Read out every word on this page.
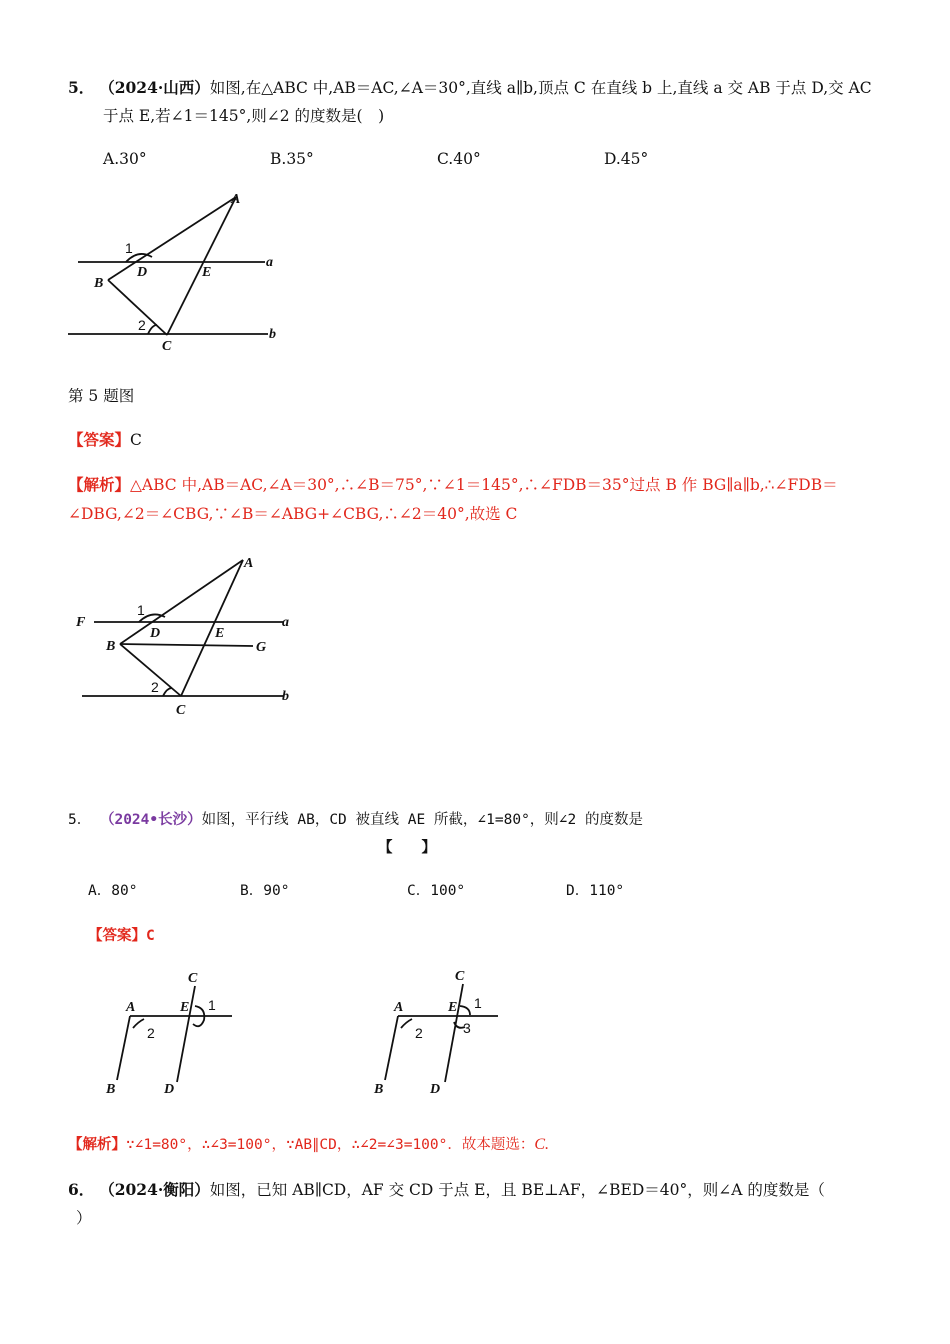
5． （2024·山西）如图,在△ABC 中,AB＝AC,∠A＝30°,直线 a∥b,顶点 C 在直线 b 上,直线 a 交 AB 于点 D,交 AC
于点 E,若∠1＝145°,则∠2 的度数是(　)
A.30°	B.35°	C.40°	D.45°
A
B
C
D	E
a
b
1
2
第 5 题图
【答案】C
【解析】△ABC 中,AB＝AC,∠A＝30°,∴∠B＝75°,∵∠1＝145°,∴∠FDB＝35°过点 B 作 BG∥a∥b,∴∠FDB＝
∠DBG,∠2＝∠CBG,∵∠B＝∠ABG+∠CBG,∴∠2＝40°,故选 C
A
B
C
D	E
F
G
a
b
1
2
5． （2024•长沙）如图，平行线 AB，CD 被直线 AE 所截，∠1=80°，则∠2 的度数是
【　　】
A．80°	B．90°	C．100°	D．110°
【答案】C
A
B
C
D
E 1
2
A
B
C
D
E 1
2	3
【解析】∵∠1=80°，∴∠3=100°，∵AB∥CD，∴∠2=∠3=100°．故本题选：C.
6． （2024·衡阳）如图，已知 AB∥CD，AF 交 CD 于点 E，且 BE⊥AF，∠BED＝40°，则∠A 的度数是（
）
